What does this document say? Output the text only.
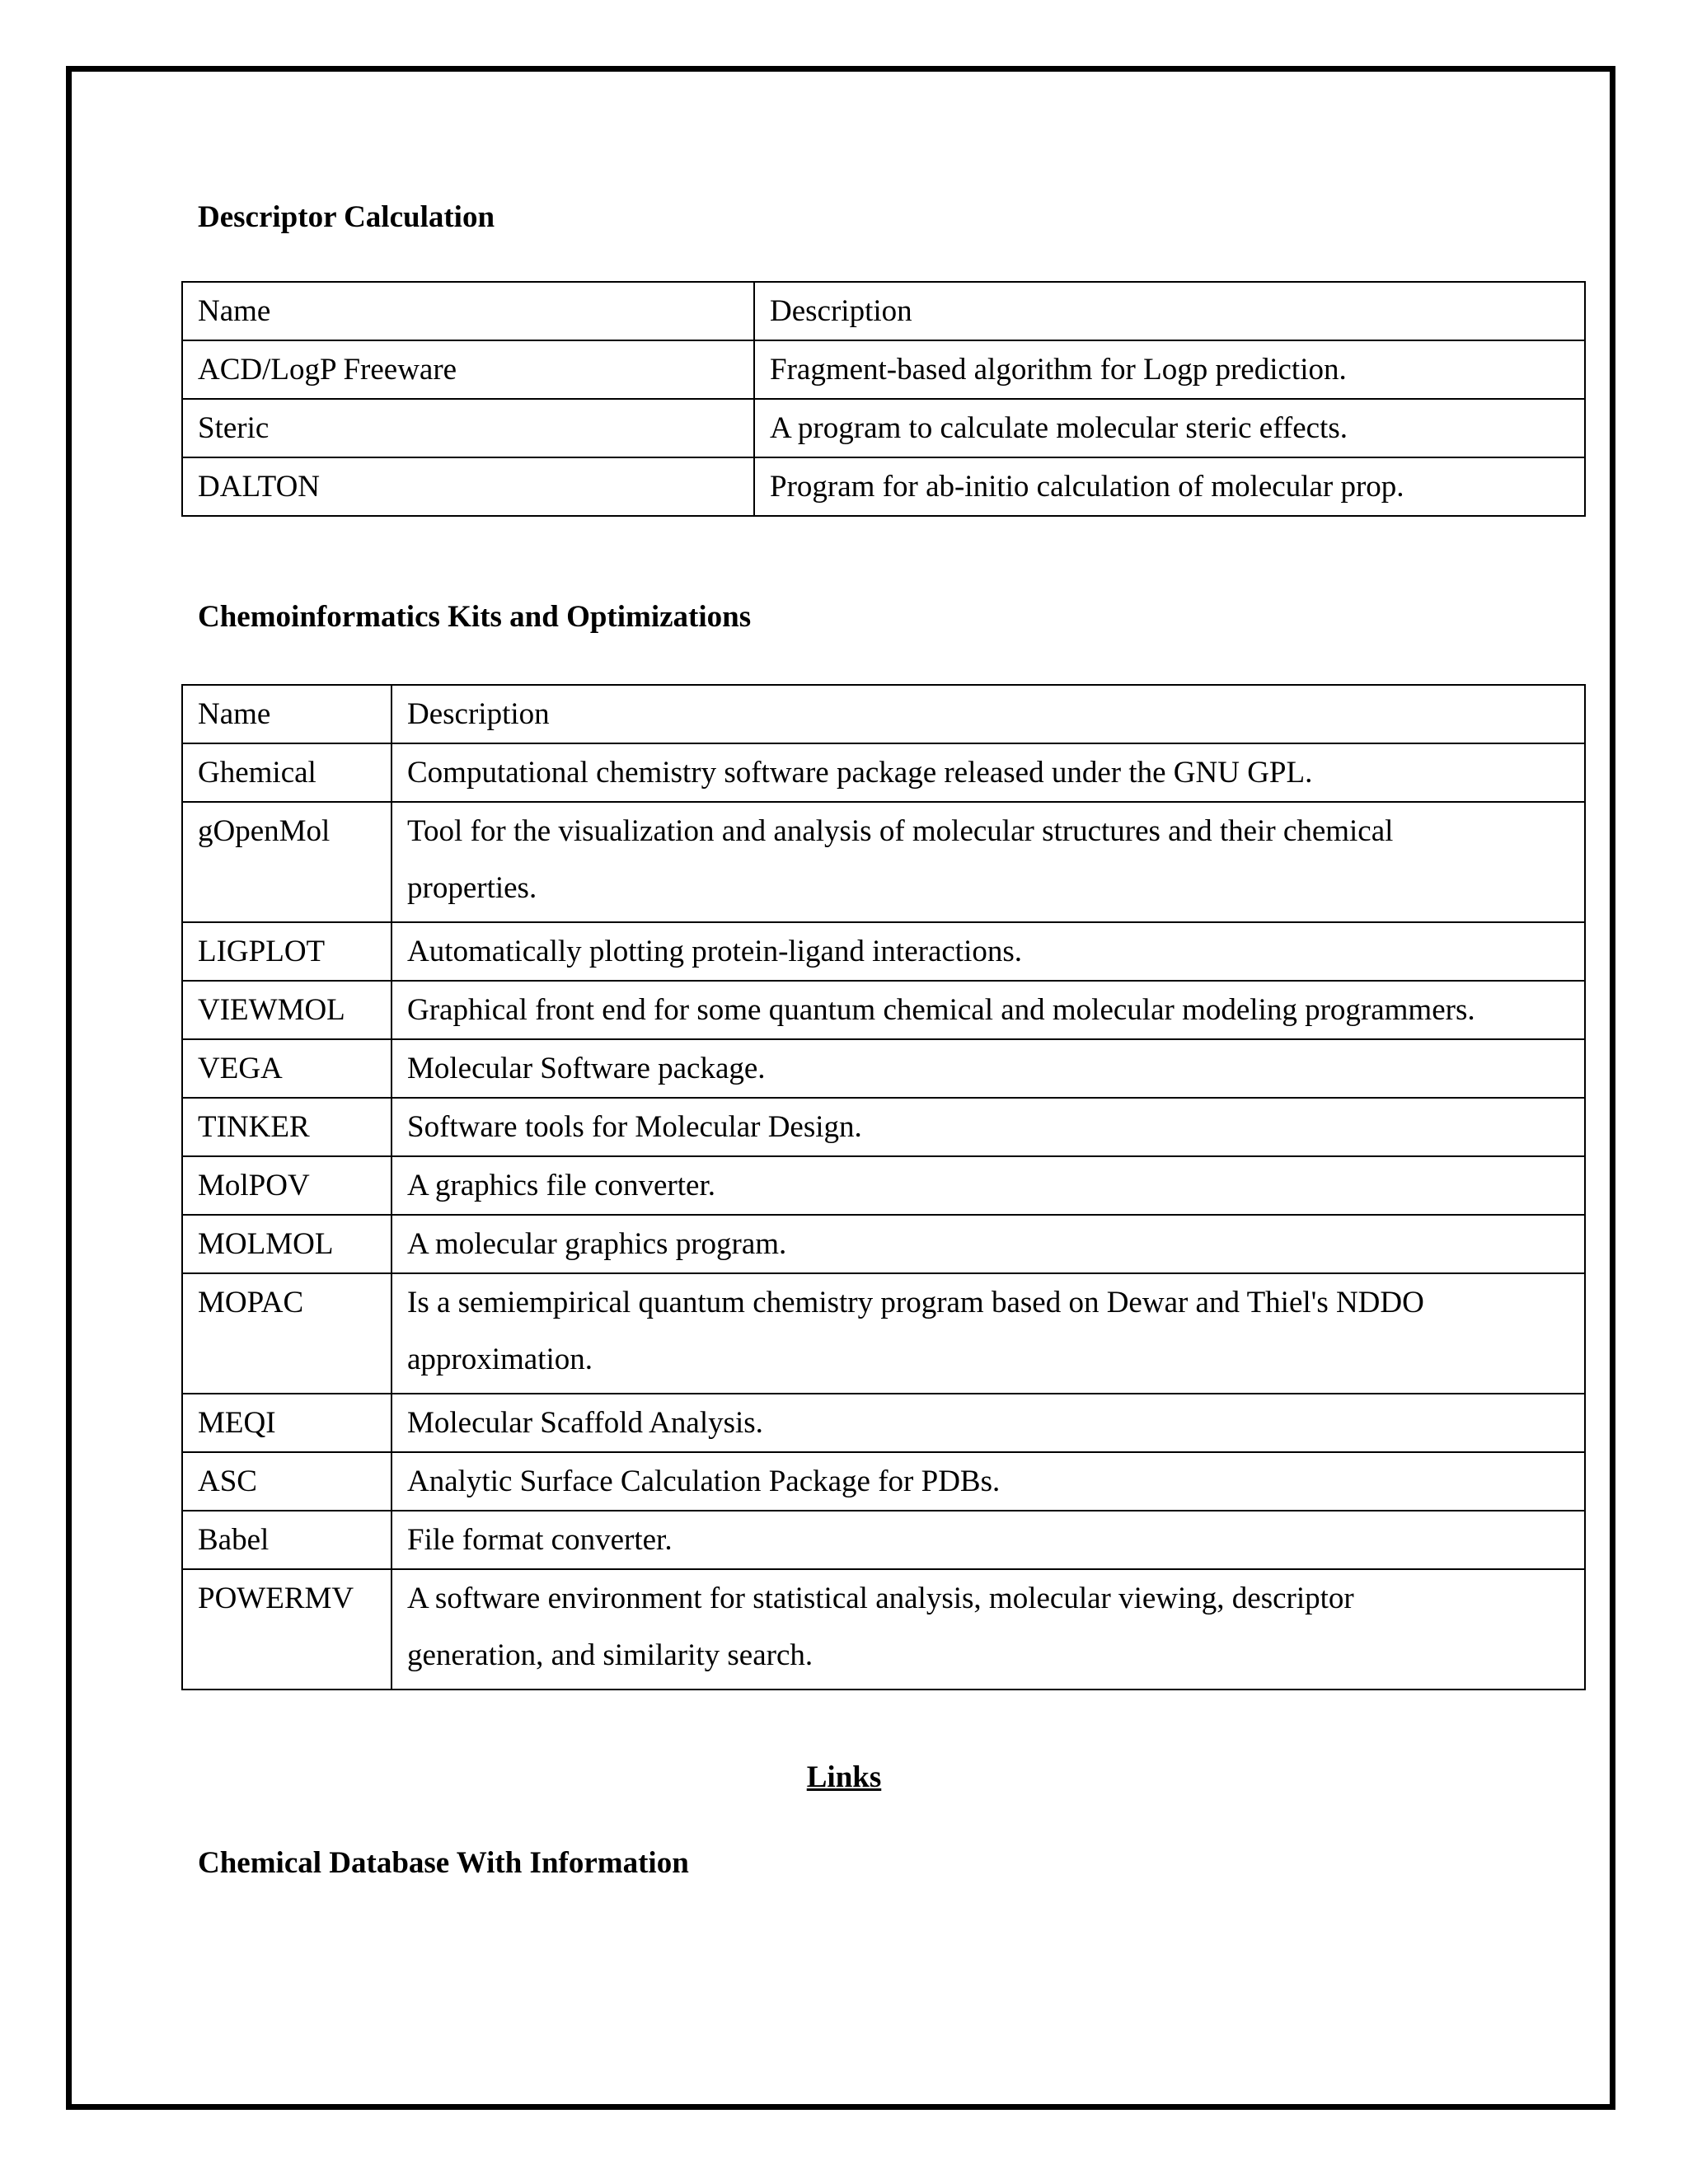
Descriptor Calculation
Name	Description
ACD/LogP Freeware	Fragment-based algorithm for Logp prediction.
Steric	A program to calculate molecular steric effects.
DALTON	Program for ab-initio calculation of molecular prop.
Chemoinformatics Kits and Optimizations
Name	Description
Ghemical	Computational chemistry software package released under the GNU GPL.
gOpenMol	Tool for the visualization and analysis of molecular structures and their chemical
properties.

LIGPLOT	Automatically plotting protein-ligand interactions.
VIEWMOL	Graphical front end for some quantum chemical and molecular modeling programmers.
VEGA	Molecular Software package.
TINKER	Software tools for Molecular Design.
MolPOV	A graphics file converter.
MOLMOL	A molecular graphics program.
MOPAC	Is a semiempirical quantum chemistry program based on Dewar and Thiel's NDDO
approximation.

MEQI	Molecular Scaffold Analysis.
ASC	Analytic Surface Calculation Package for PDBs.
Babel	File format converter.
POWERMV	A software environment for statistical analysis, molecular viewing, descriptor
generation, and similarity search.
Links
Chemical Database With Information
